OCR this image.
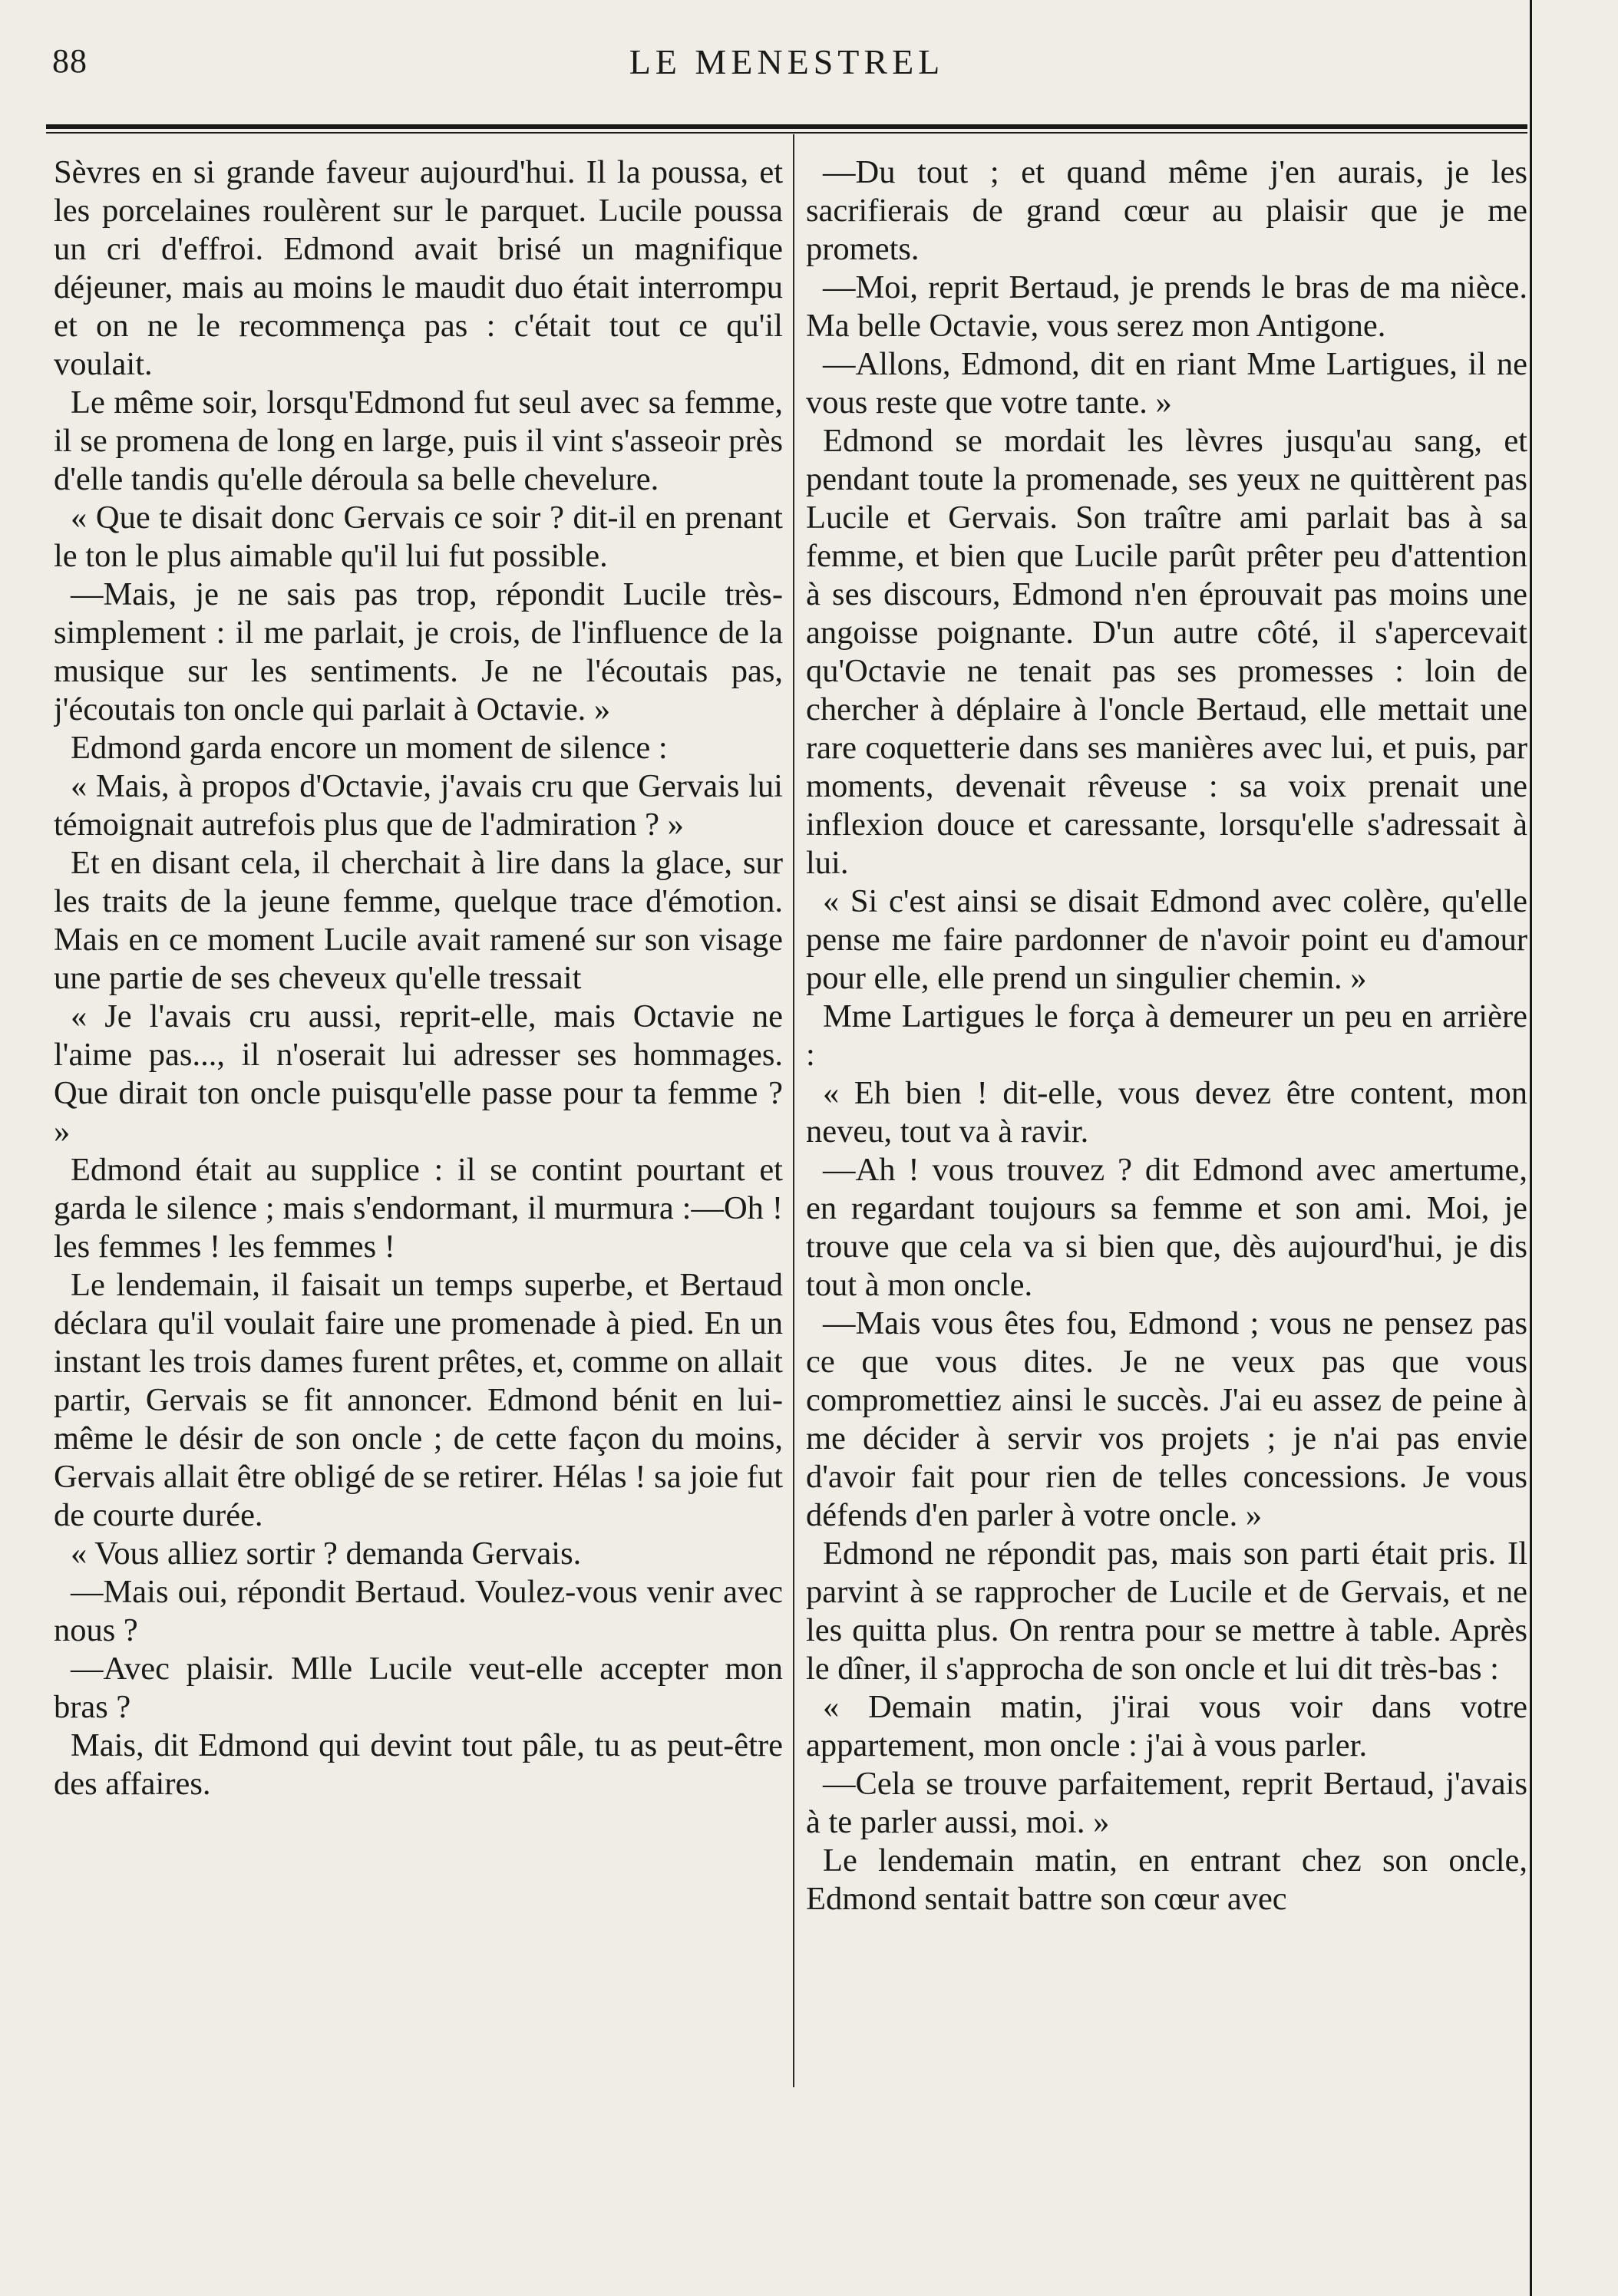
88	LE MENESTREL

Sèvres en si grande faveur aujourd'hui. Il la poussa, et les porcelaines roulèrent sur le parquet. Lucile poussa un cri d'effroi. Edmond avait brisé un magnifique déjeuner, mais au moins le maudit duo était interrompu et on ne le recommença pas : c'était tout ce qu'il voulait.

Le même soir, lorsqu'Edmond fut seul avec sa femme, il se promena de long en large, puis il vint s'asseoir près d'elle tandis qu'elle déroula sa belle chevelure.

« Que te disait donc Gervais ce soir ? dit-il en prenant le ton le plus aimable qu'il lui fut possible.

—Mais, je ne sais pas trop, répondit Lucile très-simplement : il me parlait, je crois, de l'influence de la musique sur les sentiments. Je ne l'écoutais pas, j'écoutais ton oncle qui parlait à Octavie. »

Edmond garda encore un moment de silence :

« Mais, à propos d'Octavie, j'avais cru que Gervais lui témoignait autrefois plus que de l'admiration ? »

Et en disant cela, il cherchait à lire dans la glace, sur les traits de la jeune femme, quelque trace d'émotion. Mais en ce moment Lucile avait ramené sur son visage une partie de ses cheveux qu'elle tressait

« Je l'avais cru aussi, reprit-elle, mais Octavie ne l'aime pas..., il n'oserait lui adresser ses hommages. Que dirait ton oncle puisqu'elle passe pour ta femme ? »

Edmond était au supplice : il se contint pourtant et garda le silence ; mais s'endormant, il murmura :—Oh ! les femmes ! les femmes !

Le lendemain, il faisait un temps superbe, et Bertaud déclara qu'il voulait faire une promenade à pied. En un instant les trois dames furent prêtes, et, comme on allait partir, Gervais se fit annoncer. Edmond bénit en lui-même le désir de son oncle ; de cette façon du moins, Gervais allait être obligé de se retirer. Hélas ! sa joie fut de courte durée.

« Vous alliez sortir ? demanda Gervais.

—Mais oui, répondit Bertaud. Voulez-vous venir avec nous ?

—Avec plaisir. Mlle Lucile veut-elle accepter mon bras ?

Mais, dit Edmond qui devint tout pâle, tu as peut-être des affaires.

—Du tout ; et quand même j'en aurais, je les sacrifierais de grand cœur au plaisir que je me promets.

—Moi, reprit Bertaud, je prends le bras de ma nièce. Ma belle Octavie, vous serez mon Antigone.

—Allons, Edmond, dit en riant Mme Lartigues, il ne vous reste que votre tante. »

Edmond se mordait les lèvres jusqu'au sang, et pendant toute la promenade, ses yeux ne quittèrent pas Lucile et Gervais. Son traître ami parlait bas à sa femme, et bien que Lucile parût prêter peu d'attention à ses discours, Edmond n'en éprouvait pas moins une angoisse poignante. D'un autre côté, il s'apercevait qu'Octavie ne tenait pas ses promesses : loin de chercher à déplaire à l'oncle Bertaud, elle mettait une rare coquetterie dans ses manières avec lui, et puis, par moments, devenait rêveuse : sa voix prenait une inflexion douce et caressante, lorsqu'elle s'adressait à lui.

« Si c'est ainsi se disait Edmond avec colère, qu'elle pense me faire pardonner de n'avoir point eu d'amour pour elle, elle prend un singulier chemin. »

Mme Lartigues le força à demeurer un peu en arrière :

« Eh bien ! dit-elle, vous devez être content, mon neveu, tout va à ravir.

—Ah ! vous trouvez ? dit Edmond avec amertume, en regardant toujours sa femme et son ami. Moi, je trouve que cela va si bien que, dès aujourd'hui, je dis tout à mon oncle.

—Mais vous êtes fou, Edmond ; vous ne pensez pas ce que vous dites. Je ne veux pas que vous compromettiez ainsi le succès. J'ai eu assez de peine à me décider à servir vos projets ; je n'ai pas envie d'avoir fait pour rien de telles concessions. Je vous défends d'en parler à votre oncle. »

Edmond ne répondit pas, mais son parti était pris. Il parvint à se rapprocher de Lucile et de Gervais, et ne les quitta plus. On rentra pour se mettre à table. Après le dîner, il s'approcha de son oncle et lui dit très-bas :

« Demain matin, j'irai vous voir dans votre appartement, mon oncle : j'ai à vous parler.

—Cela se trouve parfaitement, reprit Bertaud, j'avais à te parler aussi, moi. »

Le lendemain matin, en entrant chez son oncle, Edmond sentait battre son cœur avec
